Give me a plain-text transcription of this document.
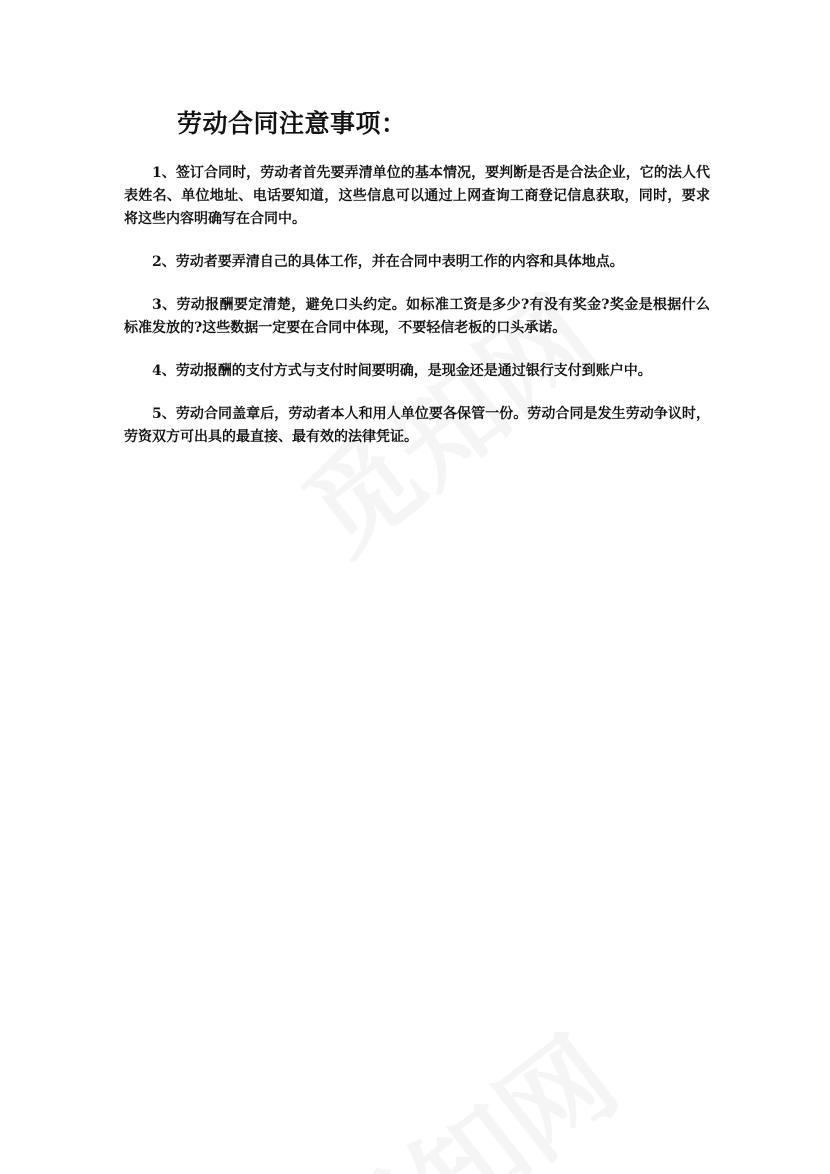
劳动合同注意事项：

1、签订合同时，劳动者首先要弄清单位的基本情况，要判断是否是合法企业，它的法人代表姓名、单位地址、电话要知道，这些信息可以通过上网查询工商登记信息获取，同时，要求将这些内容明确写在合同中。

2、劳动者要弄清自己的具体工作，并在合同中表明工作的内容和具体地点。

3、劳动报酬要定清楚，避免口头约定。如标准工资是多少?有没有奖金?奖金是根据什么标准发放的?这些数据一定要在合同中体现，不要轻信老板的口头承诺。

4、劳动报酬的支付方式与支付时间要明确，是现金还是通过银行支付到账户中。

5、劳动合同盖章后，劳动者本人和用人单位要各保管一份。劳动合同是发生劳动争议时，劳资双方可出具的最直接、最有效的法律凭证。
